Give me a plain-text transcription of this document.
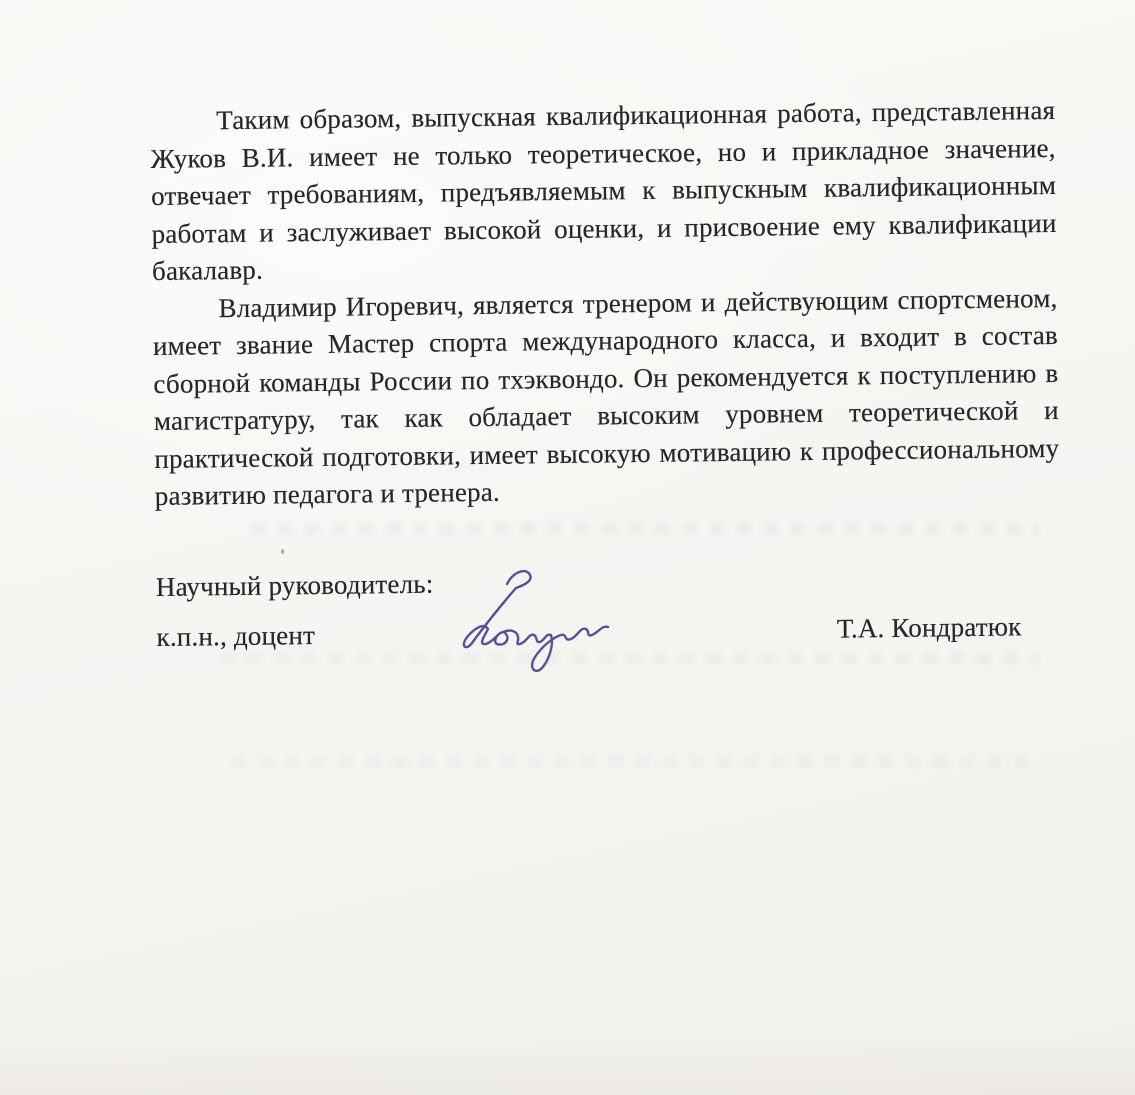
Таким образом, выпускная квалификационная работа, представленная
Жуков В.И. имеет не только теоретическое, но и прикладное значение,
отвечает требованиям, предъявляемым к выпускным квалификационным
работам и заслуживает высокой оценки, и присвоение ему квалификации
бакалавр.
Владимир Игоревич, является тренером и действующим спортсменом,
имеет звание Мастер спорта международного класса, и входит в состав
сборной команды России по тхэквондо. Он рекомендуется к поступлению в
магистратуру, так как обладает высоким уровнем теоретической и
практической подготовки, имеет высокую мотивацию к профессиональному
развитию педагога и тренера.
Научный руководитель:
к.п.н., доцент	Т.А. Кондратюк
